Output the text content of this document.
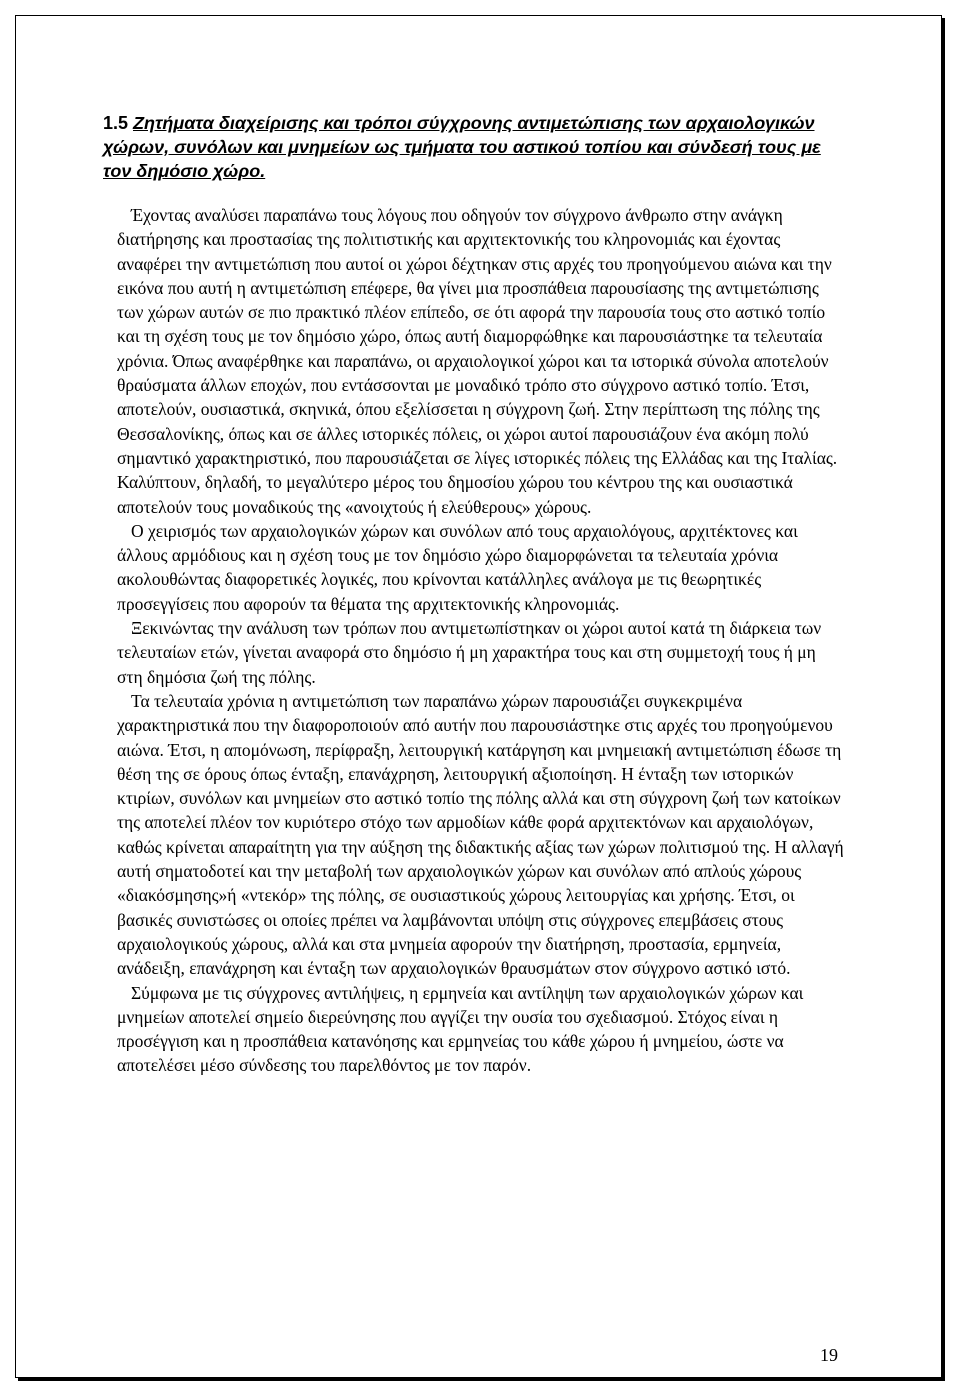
1.5 Ζητήματα διαχείρισης και τρόποι σύγχρονης αντιμετώπισης των αρχαιολογικών χώρων, συνόλων και μνημείων ως τμήματα του αστικού τοπίου και σύνδεσή τους με τον δημόσιο χώρο.

Έχοντας αναλύσει παραπάνω τους λόγους που οδηγούν τον σύγχρονο άνθρωπο στην ανάγκη διατήρησης και προστασίας της πολιτιστικής και αρχιτεκτονικής του κληρονομιάς και έχοντας αναφέρει την αντιμετώπιση που αυτοί οι χώροι δέχτηκαν στις αρχές του προηγούμενου αιώνα και την εικόνα που αυτή η αντιμετώπιση επέφερε, θα γίνει μια προσπάθεια παρουσίασης της αντιμετώπισης των χώρων αυτών σε πιο πρακτικό πλέον επίπεδο, σε ότι αφορά την παρουσία τους στο αστικό τοπίο και τη σχέση τους με τον δημόσιο χώρο, όπως αυτή διαμορφώθηκε και παρουσιάστηκε τα τελευταία χρόνια. Όπως αναφέρθηκε και παραπάνω, οι αρχαιολογικοί χώροι και τα ιστορικά σύνολα αποτελούν θραύσματα άλλων εποχών, που εντάσσονται με μοναδικό τρόπο στο σύγχρονο αστικό τοπίο. Έτσι, αποτελούν, ουσιαστικά, σκηνικά, όπου εξελίσσεται η σύγχρονη ζωή. Στην περίπτωση της πόλης της Θεσσαλονίκης, όπως και σε άλλες ιστορικές πόλεις, οι χώροι αυτοί παρουσιάζουν ένα ακόμη πολύ σημαντικό χαρακτηριστικό, που παρουσιάζεται σε λίγες ιστορικές πόλεις της Ελλάδας και της Ιταλίας. Καλύπτουν, δηλαδή, το μεγαλύτερο μέρος του δημοσίου χώρου του κέντρου της και ουσιαστικά αποτελούν τους μοναδικούς της «ανοιχτούς ή ελεύθερους» χώρους.

Ο χειρισμός των αρχαιολογικών χώρων και συνόλων από τους αρχαιολόγους, αρχιτέκτονες και άλλους αρμόδιους και η σχέση τους με τον δημόσιο χώρο διαμορφώνεται τα τελευταία χρόνια ακολουθώντας διαφορετικές λογικές, που κρίνονται κατάλληλες ανάλογα με τις θεωρητικές προσεγγίσεις που αφορούν τα θέματα της αρχιτεκτονικής κληρονομιάς.

Ξεκινώντας την ανάλυση των τρόπων που αντιμετωπίστηκαν οι χώροι αυτοί κατά τη διάρκεια των τελευταίων ετών, γίνεται αναφορά στο δημόσιο ή μη χαρακτήρα τους και στη συμμετοχή τους ή μη στη δημόσια ζωή της πόλης.

Τα τελευταία χρόνια η αντιμετώπιση των παραπάνω χώρων παρουσιάζει συγκεκριμένα χαρακτηριστικά που την διαφοροποιούν από αυτήν που παρουσιάστηκε στις αρχές του προηγούμενου αιώνα. Έτσι, η απομόνωση, περίφραξη, λειτουργική κατάργηση και μνημειακή αντιμετώπιση έδωσε τη θέση της σε όρους όπως ένταξη, επανάχρηση, λειτουργική αξιοποίηση. Η ένταξη των ιστορικών κτιρίων, συνόλων και μνημείων στο αστικό τοπίο της πόλης αλλά και στη σύγχρονη ζωή των κατοίκων της αποτελεί πλέον τον κυριότερο στόχο των αρμοδίων κάθε φορά αρχιτεκτόνων και αρχαιολόγων, καθώς κρίνεται απαραίτητη για την αύξηση της διδακτικής αξίας των χώρων πολιτισμού της. Η αλλαγή αυτή σηματοδοτεί και την μεταβολή των αρχαιολογικών χώρων και συνόλων από απλούς χώρους «διακόσμησης»ή «ντεκόρ» της πόλης, σε ουσιαστικούς χώρους λειτουργίας και χρήσης. Έτσι, οι βασικές συνιστώσες οι οποίες πρέπει να λαμβάνονται υπόψη στις σύγχρονες επεμβάσεις στους αρχαιολογικούς χώρους, αλλά και στα μνημεία αφορούν την διατήρηση, προστασία, ερμηνεία, ανάδειξη, επανάχρηση και ένταξη των αρχαιολογικών θραυσμάτων στον σύγχρονο αστικό ιστό.

Σύμφωνα με τις σύγχρονες αντιλήψεις, η ερμηνεία και αντίληψη των αρχαιολογικών χώρων και μνημείων αποτελεί σημείο διερεύνησης που αγγίζει την ουσία του σχεδιασμού. Στόχος είναι η προσέγγιση και η προσπάθεια κατανόησης και ερμηνείας του κάθε χώρου ή μνημείου, ώστε να αποτελέσει μέσο σύνδεσης του παρελθόντος με τον παρόν.

19
